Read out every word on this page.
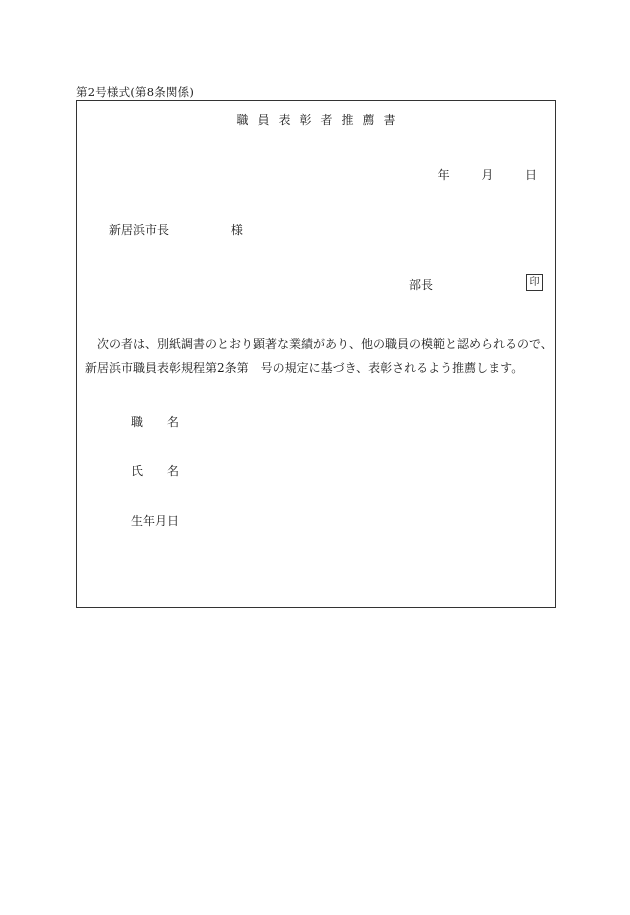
第2号様式(第8条関係)
職員表彰者推薦書
年	月	日
新居浜市長	様
部長	印

次の者は、別紙調書のとおり顕著な業績があり、他の職員の模範と認められるので、

新居浜市職員表彰規程第2条第　号の規定に基づき、表彰されるよう推薦します。

職名
氏名
生年月日
